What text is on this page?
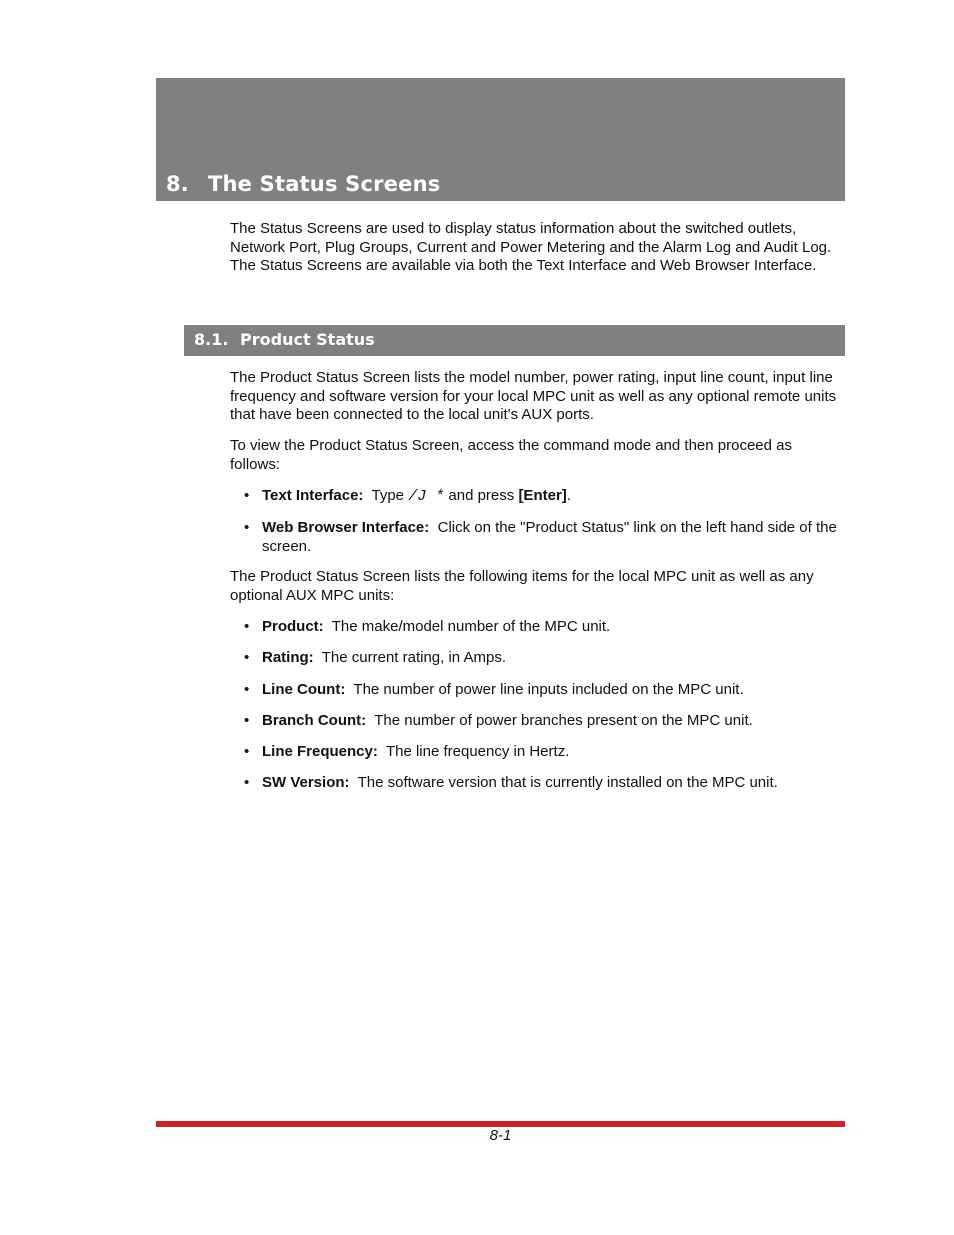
8. The Status Screens

The Status Screens are used to display status information about the switched outlets, Network Port, Plug Groups, Current and Power Metering and the Alarm Log and Audit Log. The Status Screens are available via both the Text Interface and Web Browser Interface.

8.1. Product Status

The Product Status Screen lists the model number, power rating, input line count, input line frequency and software version for your local MPC unit as well as any optional remote units that have been connected to the local unit's AUX ports.

To view the Product Status Screen, access the command mode and then proceed as follows:

• Text Interface: Type /J * and press [Enter].
• Web Browser Interface: Click on the "Product Status" link on the left hand side of the screen.

The Product Status Screen lists the following items for the local MPC unit as well as any optional AUX MPC units:

• Product: The make/model number of the MPC unit.
• Rating: The current rating, in Amps.
• Line Count: The number of power line inputs included on the MPC unit.
• Branch Count: The number of power branches present on the MPC unit.
• Line Frequency: The line frequency in Hertz.
• SW Version: The software version that is currently installed on the MPC unit.
8-1
